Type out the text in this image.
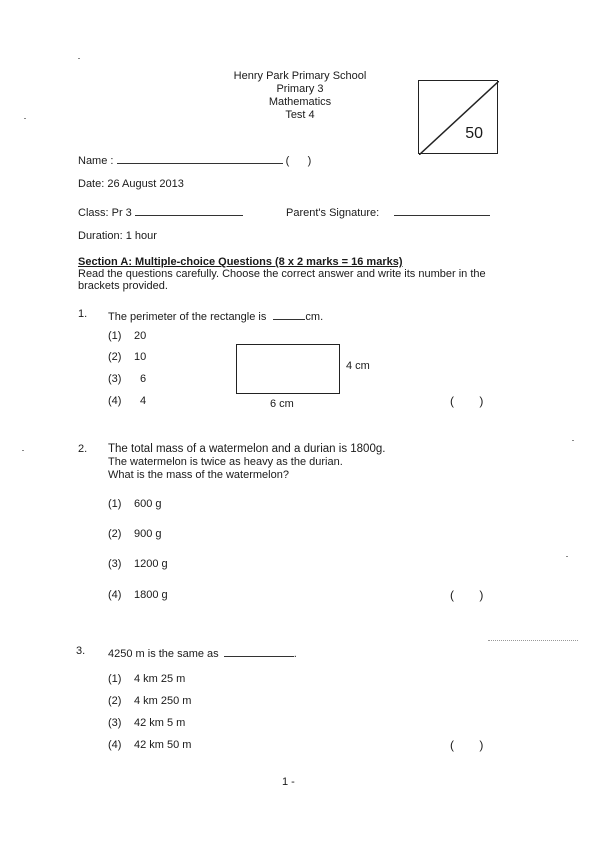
Henry Park Primary School
Primary 3
Mathematics
Test 4
50
Name :	(      )
Date: 26 August 2013
Class: Pr 3	Parent's Signature:
Duration: 1 hour
Section A: Multiple-choice Questions (8 x 2 marks = 16 marks)
Read the questions carefully. Choose the correct answer and write its number in the
brackets provided.
1. The perimeter of the rectangle is	cm.
(1) 20
(2) 10
(3) 6
(4) 4
4 cm
6 cm	( )
2. The total mass of a watermelon and a durian is 1800g.
The watermelon is twice as heavy as the durian.
What is the mass of the watermelon?
(1) 600 g
(2) 900 g
(3) 1200 g
(4) 1800 g	( )
3. 4250 m is the same as	.
(1) 4 km 25 m
(2) 4 km 250 m
(3) 42 km 5 m
(4) 42 km 50 m	( )
1 -
